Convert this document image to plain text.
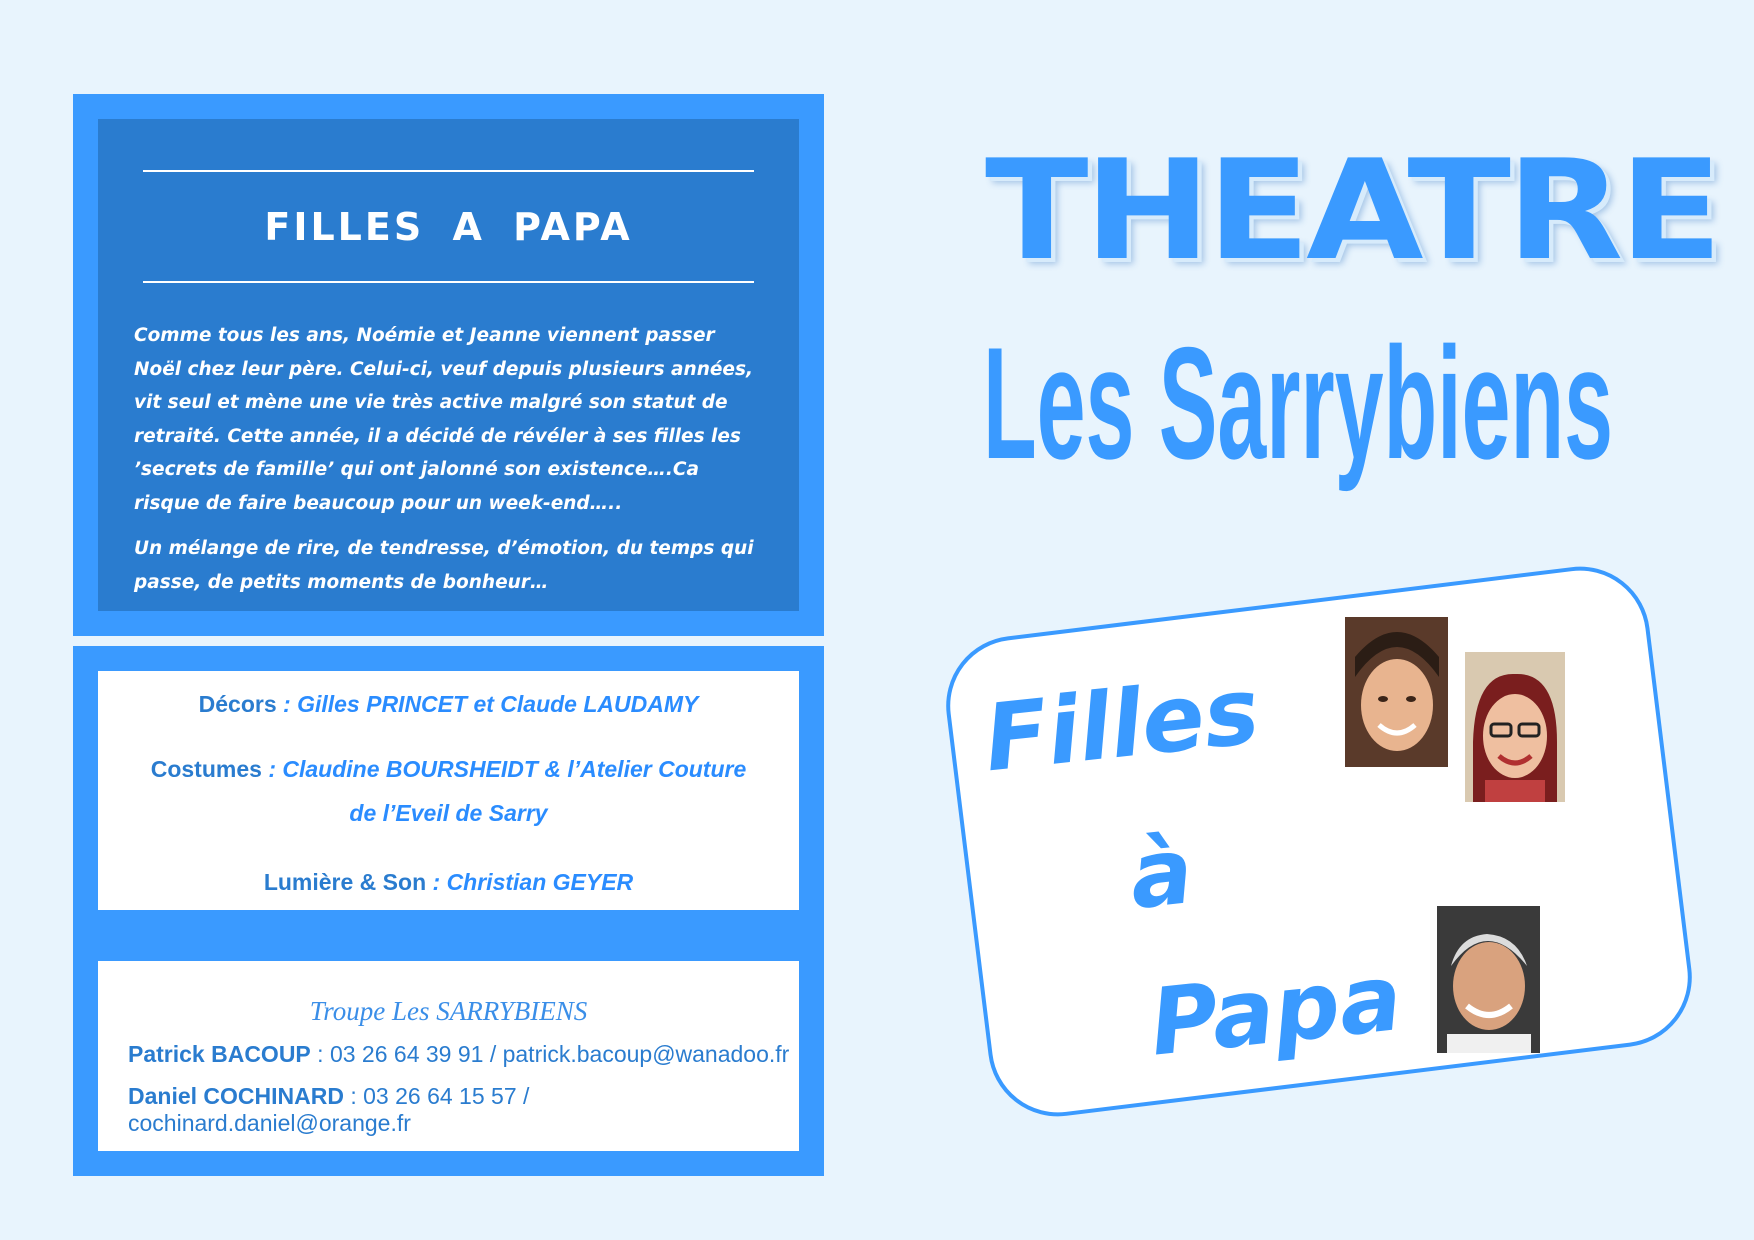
FILLES A PAPA

Comme tous les ans, Noémie et Jeanne viennent passer Noël chez leur père. Celui-ci, veuf depuis plusieurs années, vit seul et mène une vie très active malgré son statut de retraité. Cette année, il a décidé de révéler à ses filles les ’secrets de famille’ qui ont jalonné son existence….Ca risque de faire beaucoup pour un week-end…..

Un mélange de rire, de tendresse, d’émotion, du temps qui passe, de petits moments de bonheur…

Décors : Gilles PRINCET et Claude LAUDAMY

Costumes : Claudine BOURSHEIDT & l’Atelier Couture de l’Eveil de Sarry

Lumière & Son : Christian GEYER

Troupe Les SARRYBIENS
Patrick BACOUP : 03 26 64 39 91 / patrick.bacoup@wanadoo.fr
Daniel COCHINARD : 03 26 64 15 57 / cochinard.daniel@orange.fr
THEATRE
Les Sarrybiens
Filles
à
Papa
